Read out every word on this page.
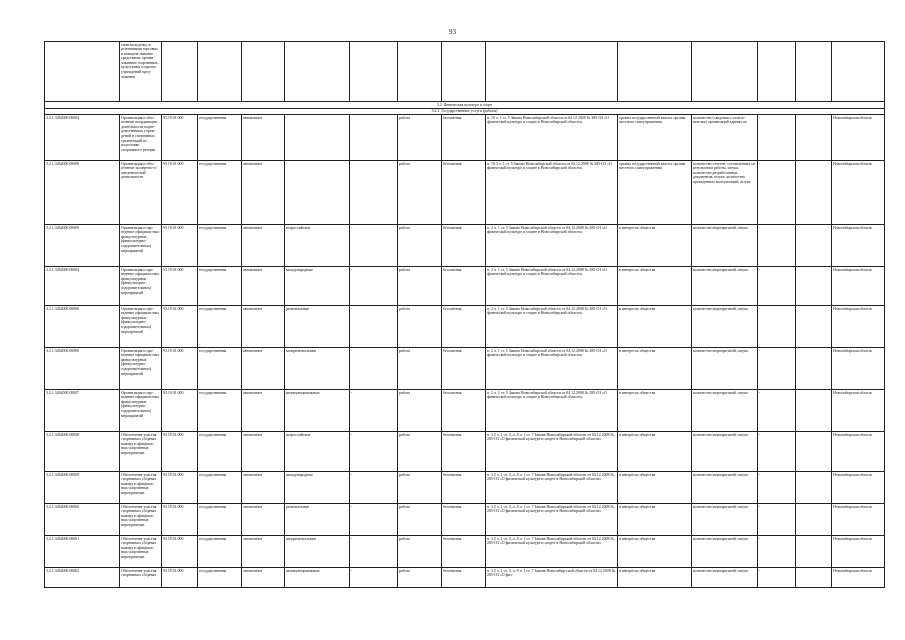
93
	тами молодежи, в-рстничными торговых и коммуна-льными средствами, органи-зованных спортивных, культурных и прочих учреждений пред-ложения													
3.2. Физическая культура и спорт														
3.2.1. Государственные услуги (работы)														
3.2.1.3262000.00004	Организация и обес-печение координации деятельности подве-домственных учреж-дений и спортивных организаций по подготовке спортивного резерва	93.19.01.000	государственная	автономное	-		работа	бесплатная	п. 10 ч. 1 ст. 5 Закона Новосибирской области от 04.12.2008 № 285-ОЗ «О физической культуре и спорте в Новосибирской области»	органы государственной власти, органы местного самоуправления	количество (сведения о пользо-вателях) организаций единиц-ах	-		Новосибирская область
3.2.1.3262000.00008	Организация и обес-печение экспертно-го аналитической деятельности	93.19.01.000	государственная	автономное	-		работа	бесплатная	п. 19.3 ч. 1 ст. 5 Закона Новосибирской области от 04.12.2008 № 285-ОЗ «О физической культуре и спорте в Новосибирской области»	органы государственной власти, органы местного самоуправления	количество отчетов, составленных по результатам работы, штука; количество разработанных документов, штука; количество проведенных консультаций, штука	-		Новосибирская область
3.2.1.3262000.00009	Организация и про-ведение официаль-ных физкультурных (физкультурно-оздоровительных) мероприятий	93.19.01.000	государственная	автономное	всероссийские	-	работа	бесплатная	п. 2 ч. 1 ст. 5 Закона Новосибирской области от 04.12.2008 № 285-ОЗ «О физической культуре и спорте в Новосибирской области»	в интересах общества	количество меропри-ятий, штука	-		Новосибирская область
3.2.1.3262000.00004	Организация и про-ведение официаль-ных физкультурных (физкультурно-оздоровительных) мероприятий	93.19.01.000	государственная	автономное	международные	-	работа	бесплатная	п. 2 ч. 1 ст. 5 Закона Новосибирской области от 04.12.2008 № 285-ОЗ «О физической культуре и спорте в Новосибирской области»	в интересах общества	количество меропри-ятий, штука	-		Новосибирская область
3.2.1.3262000.00006	Организация и про-ведение официаль-ных физкультурных (физкультурно-оздоровительных) мероприятий	93.19.01.000	государственная	автономное	региональные	-	работа	бесплатная	п. 2 ч. 1 ст. 5 Закона Новосибирской области от 04.12.2008 № 285-ОЗ «О физической культуре и спорте в Новосибирской области»	в интересах общества	количество меропри-ятий, штука	-		Новосибирская область
3.2.1.3262000.00006	Организация и про-ведение официаль-ных физкультурных (физкультурно-оздоровительных) мероприятий	93.19.01.000	государственная	автономное	межрегиональные	-	работа	бесплатная	п. 2 ч. 1 ст. 5 Закона Новосибирской области от 04.12.2008 № 285-ОЗ «О физической культуре и спорте в Новосибирской области»	в интересах общества	количество меропри-ятий, штука	-		Новосибирская область
3.2.1.3262000.00007	Организация и про-ведение официаль-ных физкультурных (физкультурно-оздоровительных) мероприятий	93.19.01.000	государственная	автономное	межмуниципальные	-	работа	бесплатная	п. 2 ч. 1 ст. 5 Закона Новосибирской области от 04.12.2008 № 285-ОЗ «О физической культуре и спорте в Новосибирской области»	в интересах общества	количество меропри-ятий, штука	-		Новосибирская область
3.2.1.3262000.00008	Обеспечение участия спортивных сборных команд в официаль-ных спортивных мероприятиях	93.19.01.000	государственная	автономное	всероссийские	-	работа	бесплатная	п. 3.5 ч. 1 ст. 5, п. 8 ч. 1 ст. 7 Закона Новосибирской области от 04.12.2008 № 285-ОЗ «О физической культуре и спорте в Новосибирской области»	в интересах общества	количество меропри-ятий, штука	-		Новосибирская область
3.2.1.3262000.00009	Обеспечение участия спортивных сборных команд в официаль-ных спортивных мероприятиях	93.19.01.000	государственная	автономное	международные	-	работа	бесплатная	п. 3.5 ч. 1 ст. 5, п. 8 ч. 1 ст. 7 Закона Новосибирской области от 04.12.2008 № 285-ОЗ «О физической культуре и спорте в Новосибирской области»	в интересах общества	количество меропри-ятий, штука	-		Новосибирская область
3.2.1.3262000.00060	Обеспечение участия спортивных сборных команд в официаль-ных спортивных мероприятиях	93.19.01.000	государственная	автономное	региональные	-	работа	бесплатная	п. 3.5 ч. 1 ст. 5, п. 8 ч. 1 ст. 7 Закона Новосибирской области от 04.12.2008 № 285-ОЗ «О физической культуре и спорте в Новосибирской области»	в интересах общества	количество меропри-ятий, штука	-		Новосибирская область
3.2.1.3262000.00061	Обеспечение участия спортивных сборных команд в официаль-ных спортивных мероприятиях	93.19.01.000	государственная	автономное	межрегиональные	-	работа	бесплатная	п. 3.5 ч. 1 ст. 5, п. 8 ч. 1 ст. 7 Закона Новосибирской области от 04.12.2008 № 285-ОЗ «О физической культуре и спорте в Новосибирской области»	в интересах общества	количество меропри-ятий, штука	-		Новосибирская область
3.2.1.3262000.00062	Обеспечение участия спортивных сборных	93.19.01.000	государственная	автономное	межмуниципальные	-	работа	бесплатная	п. 3.5 ч. 1 ст. 5, п. 8 ч. 1 ст. 7 Закона Новосибир-ской области от 04.12.2008 № 285-ОЗ «О физ-	в интересах общества	количество меропри-ятий, штука	-		Новосибирская область
